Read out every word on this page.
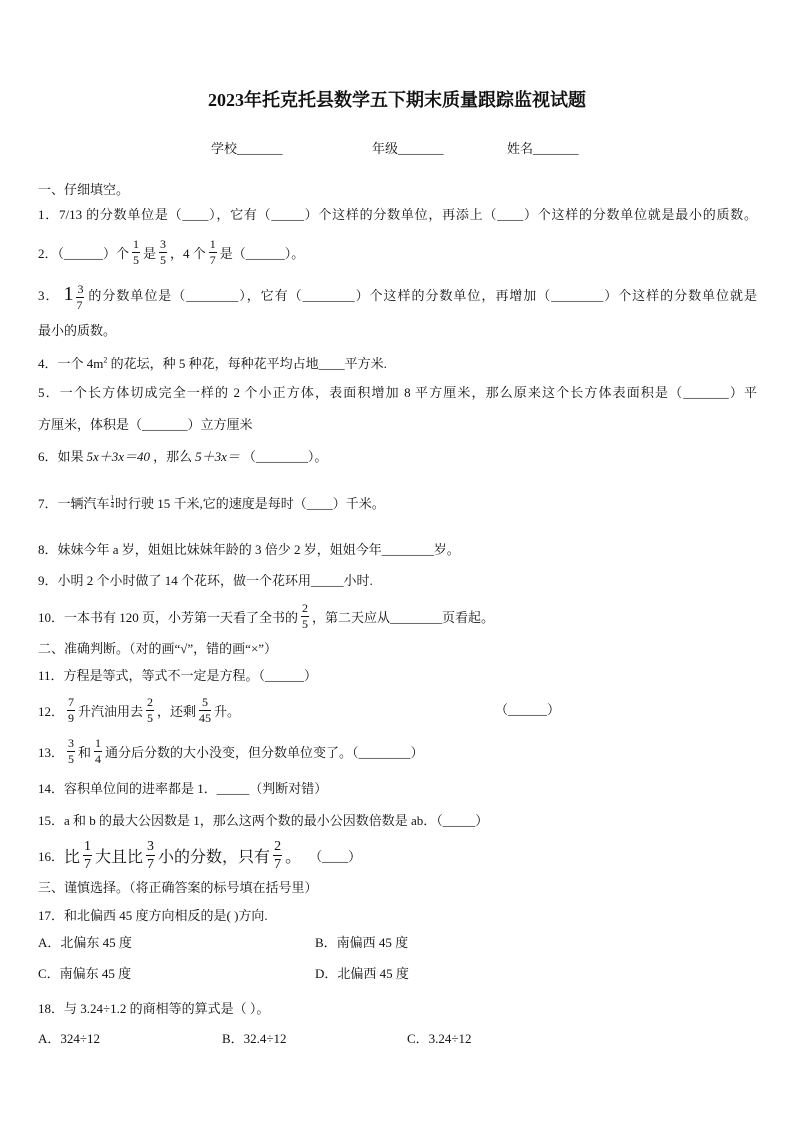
2023年托克托县数学五下期末质量跟踪监视试题
学校_______	年级_______	姓名_______
一、仔细填空。
1．7/13 的分数单位是（____），它有（_____）个这样的分数单位，再添上（____）个这样的分数单位就是最小的质数。
2．（______）个 $\frac{1}{5}$ 是 $\frac{3}{5}$ ，4 个 $\frac{1}{7}$ 是（______）。
3． $1 \frac{3}{7}$ 的分数单位是（________），它有（________）个这样的分数单位，再增加（________）个这样的分数单位就是
最小的质数。
4．一个 $4m^2$ 的花坛，种 5 种花，每种花平均占地____平方米.
5．一个长方体切成完全一样的 2 个小正方体，表面积增加 8 平方厘米，那么原来这个长方体表面积是（_______）平
方厘米，体积是（_______）立方厘米
6．如果 5x＋3x＝40 ，那么 5＋3x＝ （________）。
7．一辆汽车 $\frac{1}{4}$ 时行驶 15 千米,它的速度是每时（____）千米。
8．妹妹今年 a 岁，姐姐比妹妹年龄的 3 倍少 2 岁，姐姐今年________岁。
9．小明 2 个小时做了 14 个花环，做一个花环用_____小时.
10．一本书有 120 页，小芳第一天看了全书的 $\frac{2}{5}$ ，第二天应从________页看起。
二、准确判断。（对的画“√”，错的画“×”）
11．方程是等式，等式不一定是方程。（______）
12． $\frac{7}{9}$ 升汽油用去 $\frac{2}{5}$ ，还剩 $\frac{5}{45}$ 升。	（______）
13． $\frac{3}{5}$ 和 $\frac{1}{4}$ 通分后分数的大小没变，但分数单位变了。（________）
14．容积单位间的进率都是 1．_____（判断对错）
15．a 和 b 的最大公因数是 1，那么这两个数的最小公因数倍数是 ab．（_____）
16． 比 $\frac{1}{7}$ 大且比 $\frac{3}{7}$ 小的分数，只有 $\frac{2}{7}$ 。 （____）
三、谨慎选择。（将正确答案的标号填在括号里）
17．和北偏西 45 度方向相反的是( )方向.
A．北偏东 45 度	B．南偏西 45 度
C．南偏东 45 度	D．北偏西 45 度
18．与 3.24÷1.2 的商相等的算式是（ ）。
A．324÷12	B．32.4÷12	C．3.24÷12
